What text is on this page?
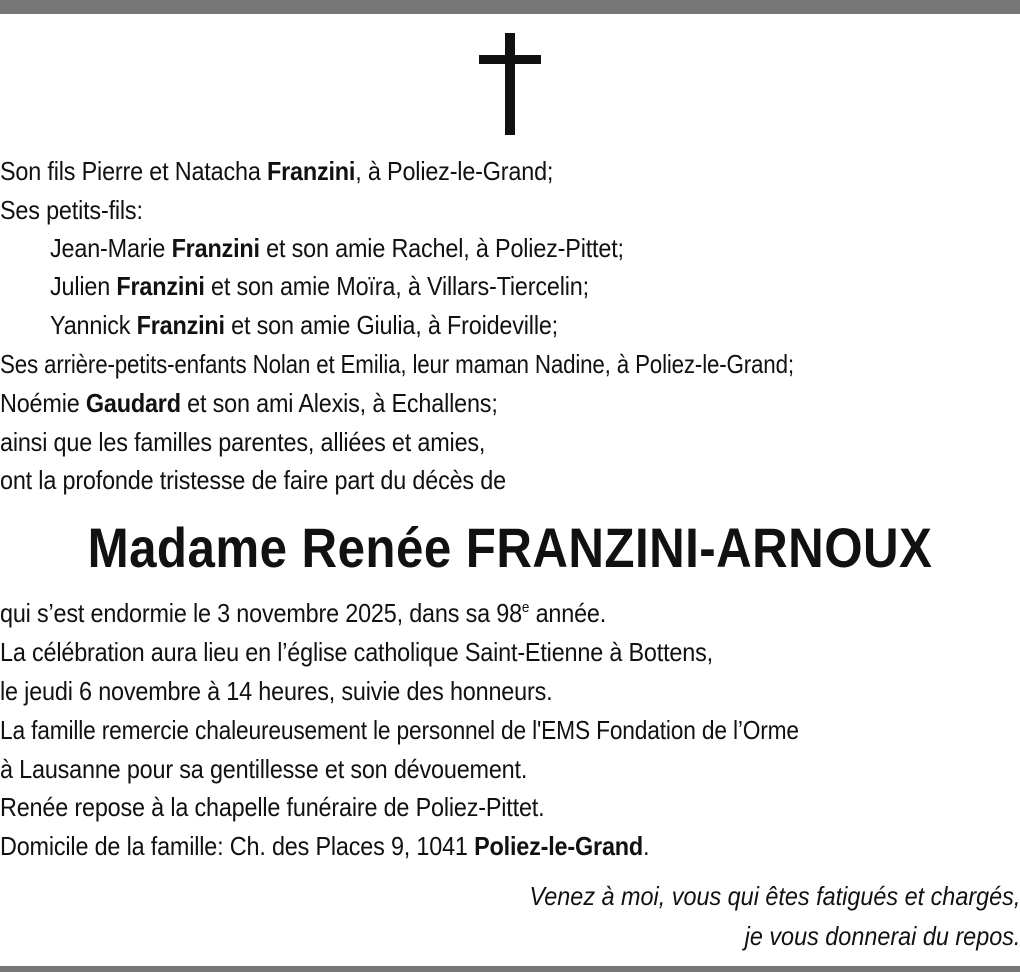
Son fils Pierre et Natacha Franzini, à Poliez-le-Grand;
Ses petits-fils:
Jean-Marie Franzini et son amie Rachel, à Poliez-Pittet;
Julien Franzini et son amie Moïra, à Villars-Tiercelin;
Yannick Franzini et son amie Giulia, à Froideville;
Ses arrière-petits-enfants Nolan et Emilia, leur maman Nadine, à Poliez-le-Grand;
Noémie Gaudard et son ami Alexis, à Echallens;
ainsi que les familles parentes, alliées et amies,
ont la profonde tristesse de faire part du décès de
Madame Renée FRANZINI-ARNOUX
qui s’est endormie le 3 novembre 2025, dans sa 98e année.
La célébration aura lieu en l’église catholique Saint-Etienne à Bottens,
le jeudi 6 novembre à 14 heures, suivie des honneurs.
La famille remercie chaleureusement le personnel de l'EMS Fondation de l’Orme
à Lausanne pour sa gentillesse et son dévouement.
Renée repose à la chapelle funéraire de Poliez-Pittet.
Domicile de la famille: Ch. des Places 9, 1041 Poliez-le-Grand.
Venez à moi, vous qui êtes fatigués et chargés,
je vous donnerai du repos.
